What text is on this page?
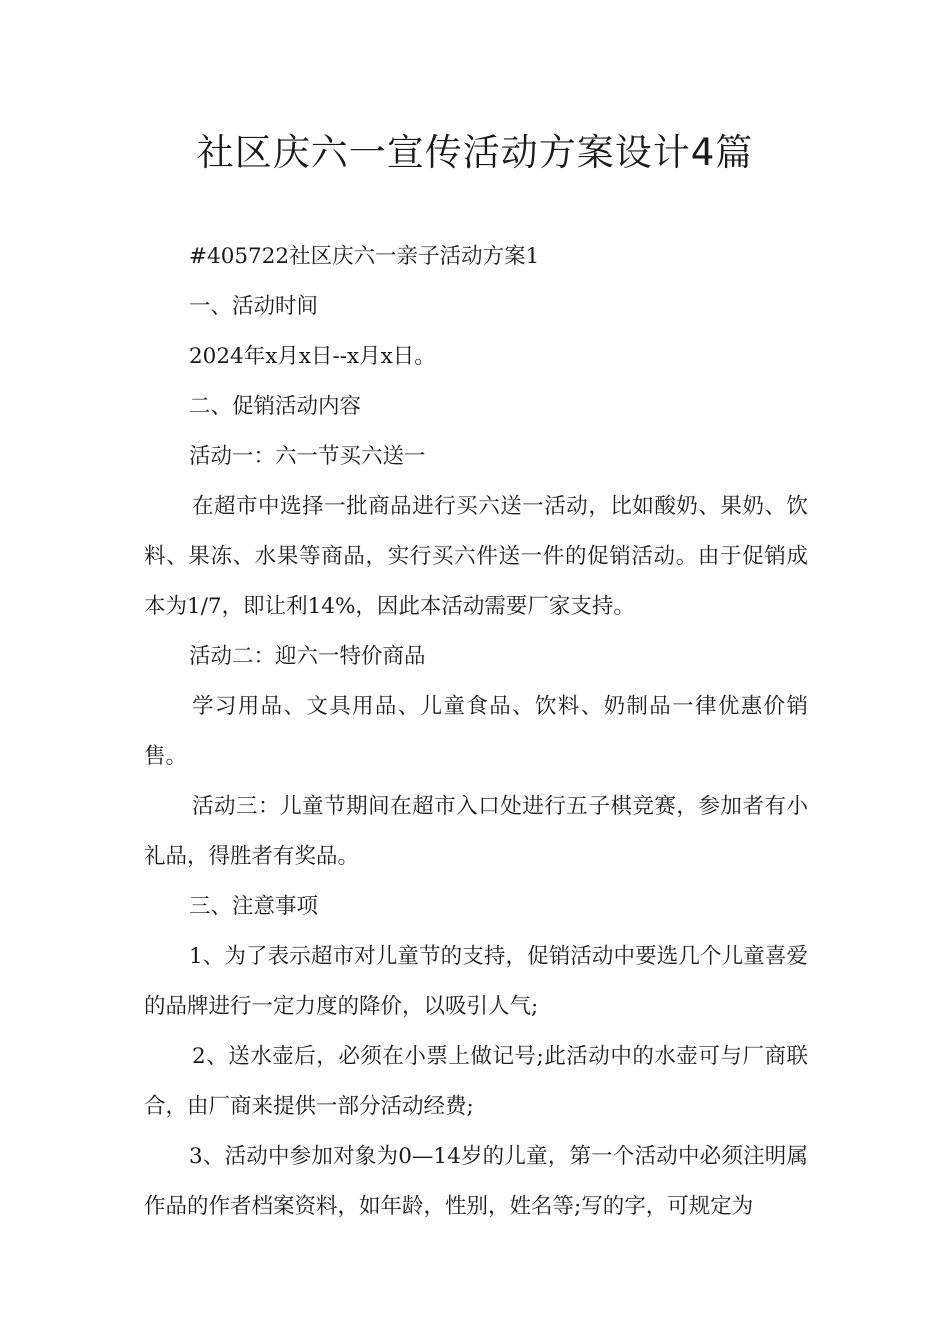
社区庆六一宣传活动方案设计4篇

#405722社区庆六一亲子活动方案1

一、活动时间

2024年x月x日--x月x日。

二、促销活动内容

活动一：六一节买六送一

在超市中选择一批商品进行买六送一活动，比如酸奶、果奶、饮料、果冻、水果等商品，实行买六件送一件的促销活动。由于促销成本为1/7，即让利14%，因此本活动需要厂家支持。

活动二：迎六一特价商品

学习用品、文具用品、儿童食品、饮料、奶制品一律优惠价销售。

活动三：儿童节期间在超市入口处进行五子棋竞赛，参加者有小礼品，得胜者有奖品。

三、注意事项

1、为了表示超市对儿童节的支持，促销活动中要选几个儿童喜爱的品牌进行一定力度的降价，以吸引人气;

2、送水壶后，必须在小票上做记号;此活动中的水壶可与厂商联合，由厂商来提供一部分活动经费;

3、活动中参加对象为0—14岁的儿童，第一个活动中必须注明属作品的作者档案资料，如年龄，性别，姓名等;写的字，可规定为
